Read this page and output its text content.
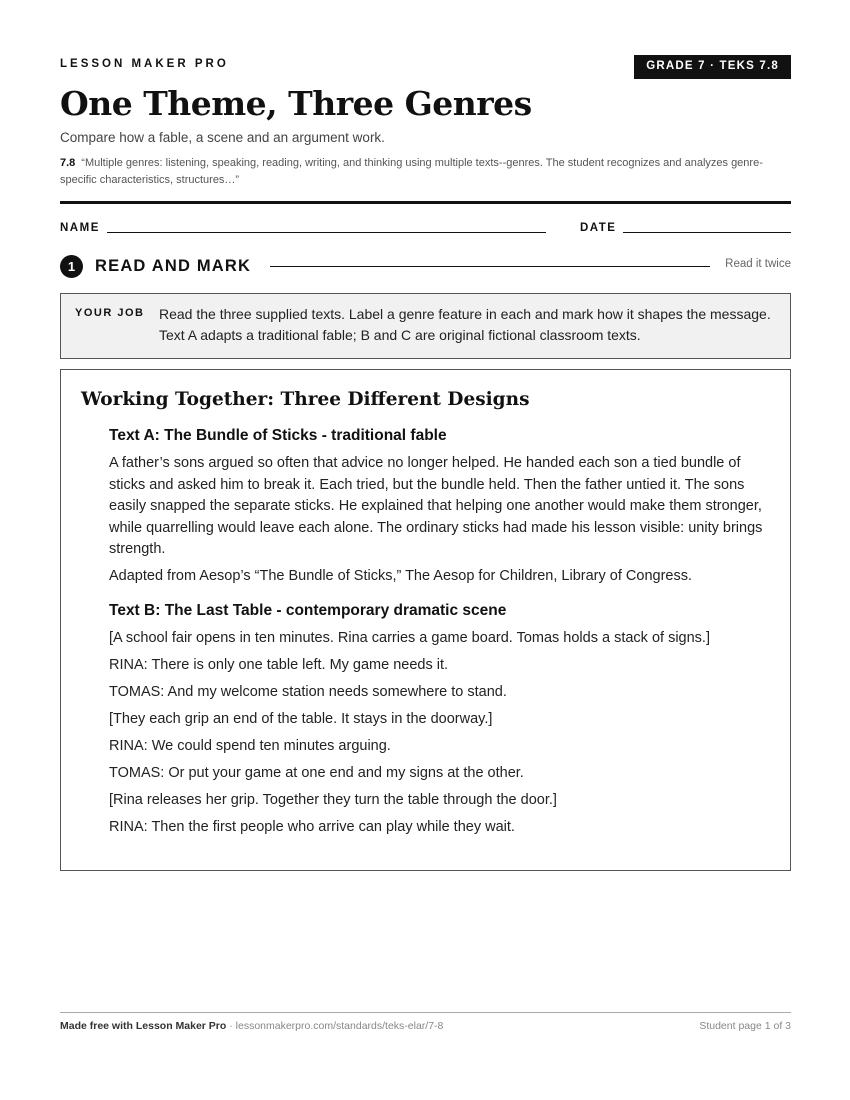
LESSON MAKER PRO	GRADE 7 · TEKS 7.8
One Theme, Three Genres
Compare how a fable, a scene and an argument work.
7.8 “Multiple genres: listening, speaking, reading, writing, and thinking using multiple texts--genres. The student recognizes and analyzes genre-specific characteristics, structures…”
NAME	DATE
1	READ AND MARK	Read it twice
YOUR JOB Read the three supplied texts. Label a genre feature in each and mark how it shapes the message. Text A adapts a traditional fable; B and C are original fictional classroom texts.
Working Together: Three Different Designs

Text A: The Bundle of Sticks - traditional fable

A father’s sons argued so often that advice no longer helped. He handed each son a tied bundle of sticks and asked him to break it. Each tried, but the bundle held. Then the father untied it. The sons easily snapped the separate sticks. He explained that helping one another would make them stronger, while quarrelling would leave each alone. The ordinary sticks had made his lesson visible: unity brings strength.

Adapted from Aesop’s “The Bundle of Sticks,” The Aesop for Children, Library of Congress.

Text B: The Last Table - contemporary dramatic scene

[A school fair opens in ten minutes. Rina carries a game board. Tomas holds a stack of signs.]

RINA: There is only one table left. My game needs it.

TOMAS: And my welcome station needs somewhere to stand.

[They each grip an end of the table. It stays in the doorway.]

RINA: We could spend ten minutes arguing.

TOMAS: Or put your game at one end and my signs at the other.

[Rina releases her grip. Together they turn the table through the door.]

RINA: Then the first people who arrive can play while they wait.

Made free with Lesson Maker Pro · lessonmakerpro.com/standards/teks-elar/7-8	Student page 1 of 3
